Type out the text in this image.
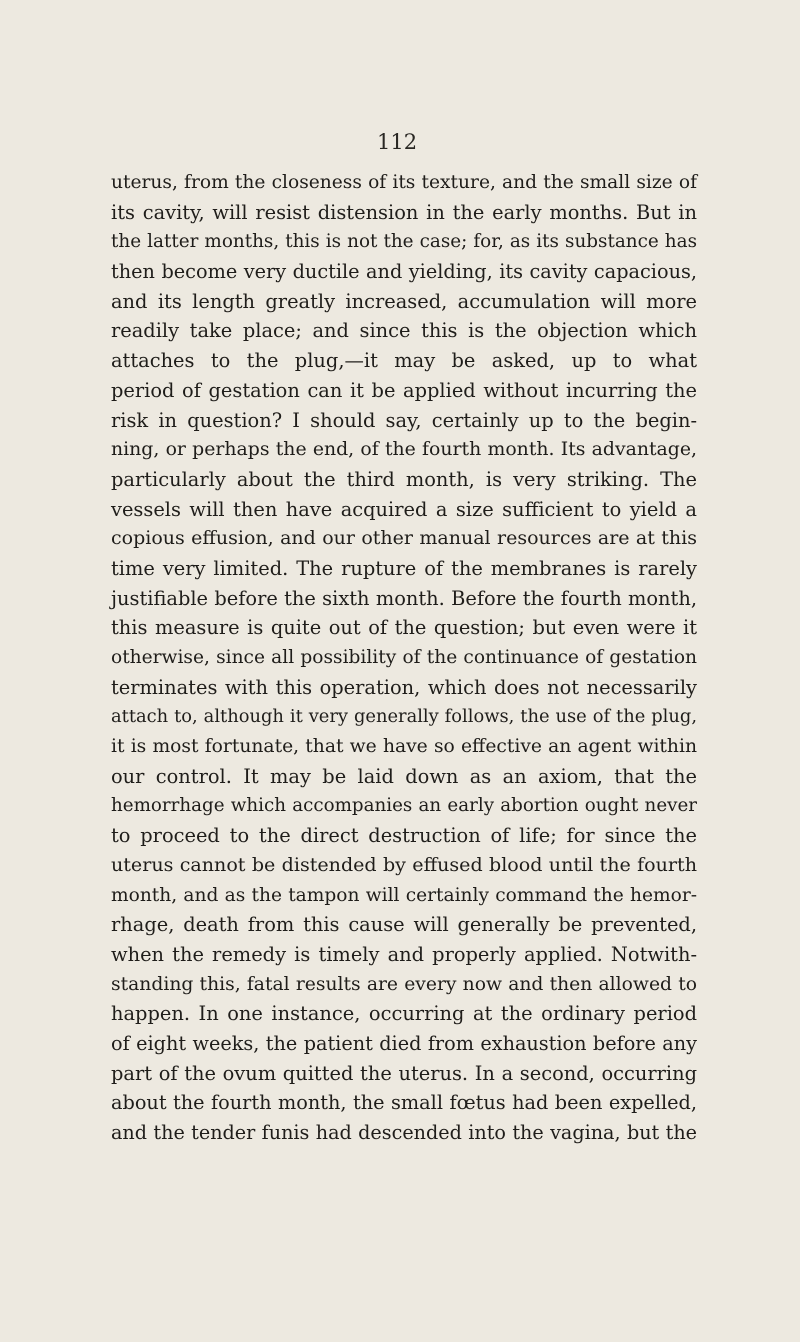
112
uterus, from the closeness of its texture, and the small size of
its cavity, will resist distension in the early months. But in
the latter months, this is not the case; for, as its substance has
then become very ductile and yielding, its cavity capacious,
and its length greatly increased, accumulation will more
readily take place; and since this is the objection which
attaches to the plug,—it may be asked, up to what
period of gestation can it be applied without incurring the
risk in question? I should say, certainly up to the begin-
ning, or perhaps the end, of the fourth month. Its advantage,
particularly about the third month, is very striking. The
vessels will then have acquired a size sufficient to yield a
copious effusion, and our other manual resources are at this
time very limited. The rupture of the membranes is rarely
justifiable before the sixth month. Before the fourth month,
this measure is quite out of the question; but even were it
otherwise, since all possibility of the continuance of gestation
terminates with this operation, which does not necessarily
attach to, although it very generally follows, the use of the plug,
it is most fortunate, that we have so effective an agent within
our control. It may be laid down as an axiom, that the
hemorrhage which accompanies an early abortion ought never
to proceed to the direct destruction of life; for since the
uterus cannot be distended by effused blood until the fourth
month, and as the tampon will certainly command the hemor-
rhage, death from this cause will generally be prevented,
when the remedy is timely and properly applied. Notwith-
standing this, fatal results are every now and then allowed to
happen. In one instance, occurring at the ordinary period
of eight weeks, the patient died from exhaustion before any
part of the ovum quitted the uterus. In a second, occurring
about the fourth month, the small fœtus had been expelled,
and the tender funis had descended into the vagina, but the
